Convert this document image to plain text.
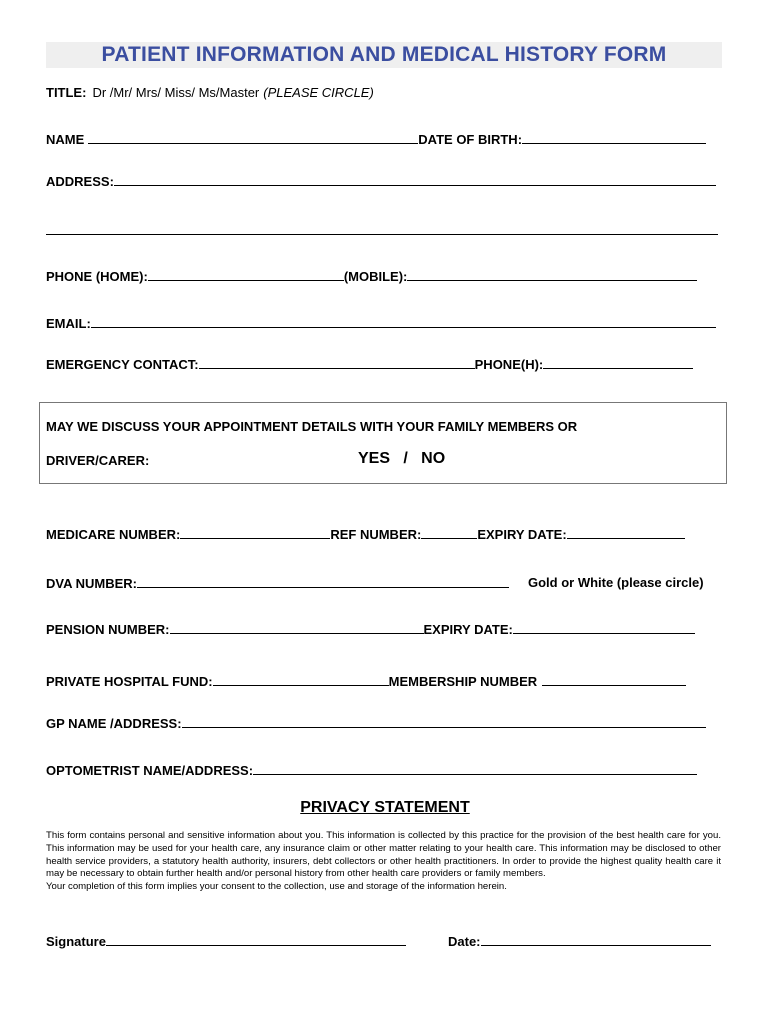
PATIENT INFORMATION AND MEDICAL HISTORY FORM
TITLE: Dr /Mr/ Mrs/ Miss/ Ms/Master (PLEASE CIRCLE)
NAME	DATE OF BIRTH:
ADDRESS:
PHONE (HOME):	(MOBILE):
EMAIL:
EMERGENCY CONTACT:	PHONE(H):
MAY WE DISCUSS YOUR APPOINTMENT DETAILS WITH YOUR FAMILY MEMBERS OR
DRIVER/CARER:	YES   /   NO
MEDICARE NUMBER:	REF NUMBER:	EXPIRY DATE:
DVA NUMBER:	Gold or White (please circle)
PENSION NUMBER:	EXPIRY DATE:
PRIVATE HOSPITAL FUND:	MEMBERSHIP NUMBER
GP NAME /ADDRESS:
OPTOMETRIST NAME/ADDRESS:
PRIVACY STATEMENT

This form contains personal and sensitive information about you. This information is collected by this practice for the provision of the best health care for you. This information may be used for your health care, any insurance claim or other matter relating to your health care. This information may be disclosed to other health service providers, a statutory health authority, insurers, debt collectors or other health practitioners. In order to provide the highest quality health care it may be necessary to obtain further health and/or personal history from other health care providers or family members.

Your completion of this form implies your consent to the collection, use and storage of the information herein.

Signature	Date:
